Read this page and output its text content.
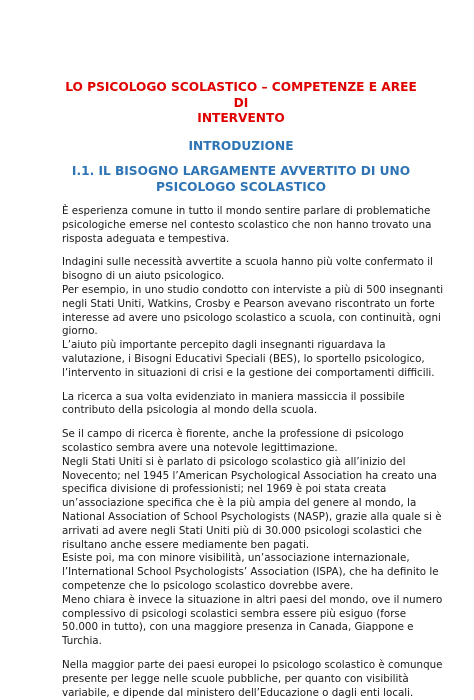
LO PSICOLOGO SCOLASTICO – COMPETENZE E AREE DI
INTERVENTO
INTRODUZIONE
I.1. IL BISOGNO LARGAMENTE AVVERTITO DI UNO
PSICOLOGO SCOLASTICO

È esperienza comune in tutto il mondo sentire parlare di problematiche
psicologiche emerse nel contesto scolastico che non hanno trovato una
risposta adeguata e tempestiva.

Indagini sulle necessità avvertite a scuola hanno più volte confermato il
bisogno di un aiuto psicologico.
Per esempio, in uno studio condotto con interviste a più di 500 insegnanti
negli Stati Uniti, Watkins, Crosby e Pearson avevano riscontrato un forte
interesse ad avere uno psicologo scolastico a scuola, con continuità, ogni
giorno.
L’aiuto più importante percepito dagli insegnanti riguardava la
valutazione, i Bisogni Educativi Speciali (BES), lo sportello psicologico,
l’intervento in situazioni di crisi e la gestione dei comportamenti difficili.

La ricerca a sua volta evidenziato in maniera massiccia il possibile
contributo della psicologia al mondo della scuola.

Se il campo di ricerca è fiorente, anche la professione di psicologo
scolastico sembra avere una notevole legittimazione.
Negli Stati Uniti si è parlato di psicologo scolastico già all’inizio del
Novecento; nel 1945 l’American Psychological Association ha creato una
specifica divisione di professionisti; nel 1969 è poi stata creata
un’associazione specifica che è la più ampia del genere al mondo, la
National Association of School Psychologists (NASP), grazie alla quale si è
arrivati ad avere negli Stati Uniti più di 30.000 psicologi scolastici che
risultano anche essere mediamente ben pagati.
Esiste poi, ma con minore visibilità, un’associazione internazionale,
l’International School Psychologists’ Association (ISPA), che ha definito le
competenze che lo psicologo scolastico dovrebbe avere.
Meno chiara è invece la situazione in altri paesi del mondo, ove il numero
complessivo di psicologi scolastici sembra essere più esiguo (forse
50.000 in tutto), con una maggiore presenza in Canada, Giappone e
Turchia.

Nella maggior parte dei paesi europei lo psicologo scolastico è comunque
presente per legge nelle scuole pubbliche, per quanto con visibilità
variabile, e dipende dal ministero dell’Educazione o dagli enti locali.
